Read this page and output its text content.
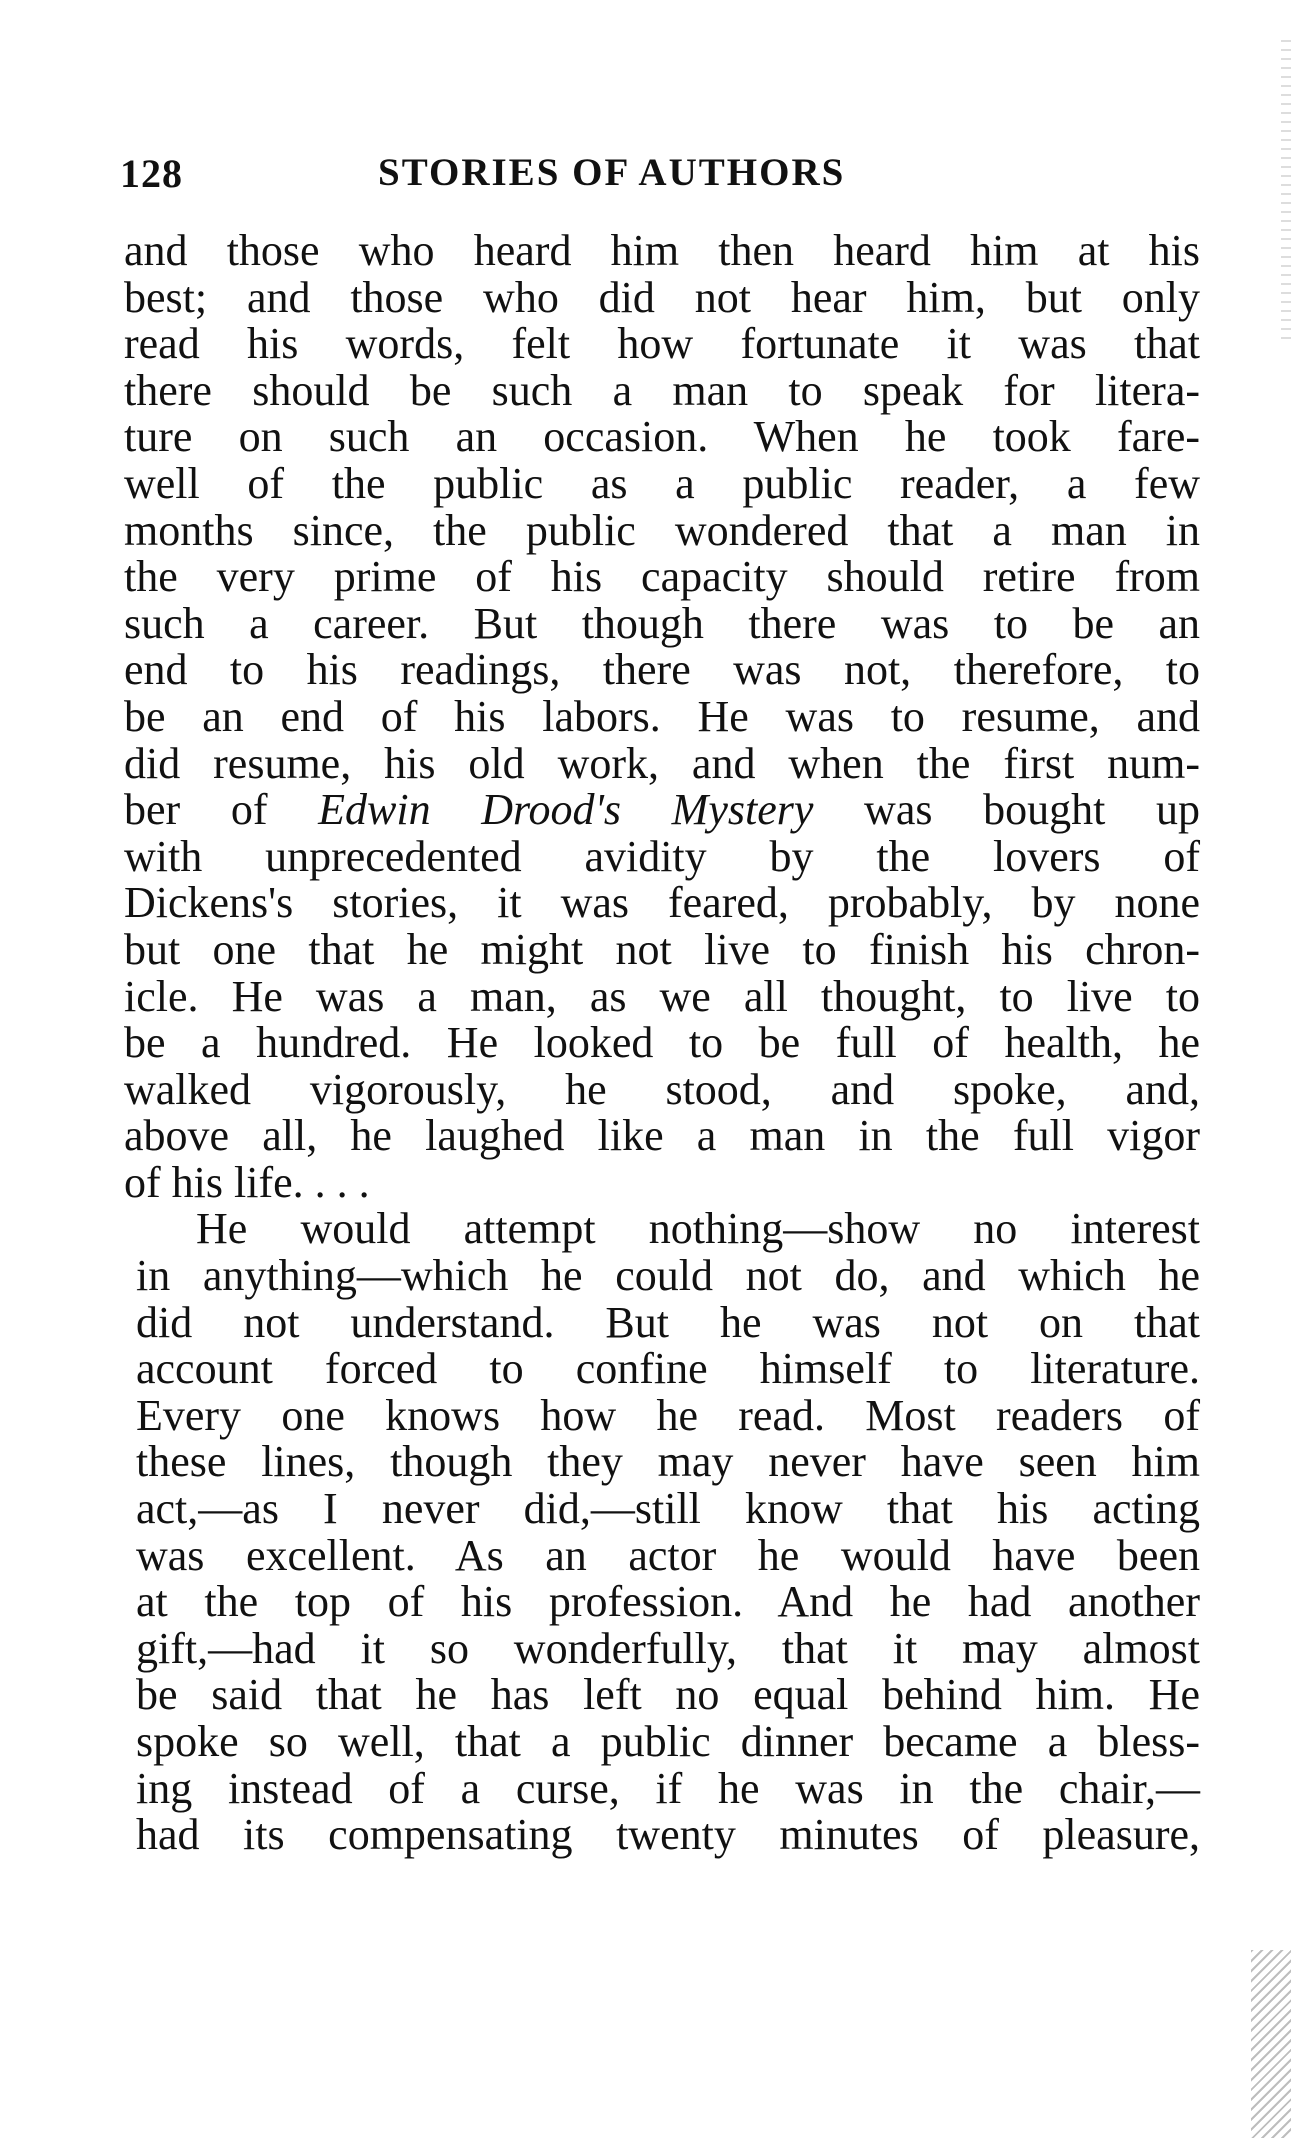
128	STORIES OF AUTHORS
and those who heard him then heard him at his
best; and those who did not hear him, but only
read his words, felt how fortunate it was that
there should be such a man to speak for litera-
ture on such an occasion. When he took fare-
well of the public as a public reader, a few
months since, the public wondered that a man in
the very prime of his capacity should retire from
such a career. But though there was to be an
end to his readings, there was not, therefore, to
be an end of his labors. He was to resume, and
did resume, his old work, and when the first num-
ber of Edwin Drood's Mystery was bought up
with unprecedented avidity by the lovers of
Dickens's stories, it was feared, probably, by none
but one that he might not live to finish his chron-
icle. He was a man, as we all thought, to live to
be a hundred. He looked to be full of health, he
walked vigorously, he stood, and spoke, and,
above all, he laughed like a man in the full vigor
of his life. . . .
He would attempt nothing—show no interest
in anything—which he could not do, and which he
did not understand. But he was not on that
account forced to confine himself to literature.
Every one knows how he read. Most readers of
these lines, though they may never have seen him
act,—as I never did,—still know that his acting
was excellent. As an actor he would have been
at the top of his profession. And he had another
gift,—had it so wonderfully, that it may almost
be said that he has left no equal behind him. He
spoke so well, that a public dinner became a bless-
ing instead of a curse, if he was in the chair,—
had its compensating twenty minutes of pleasure,
